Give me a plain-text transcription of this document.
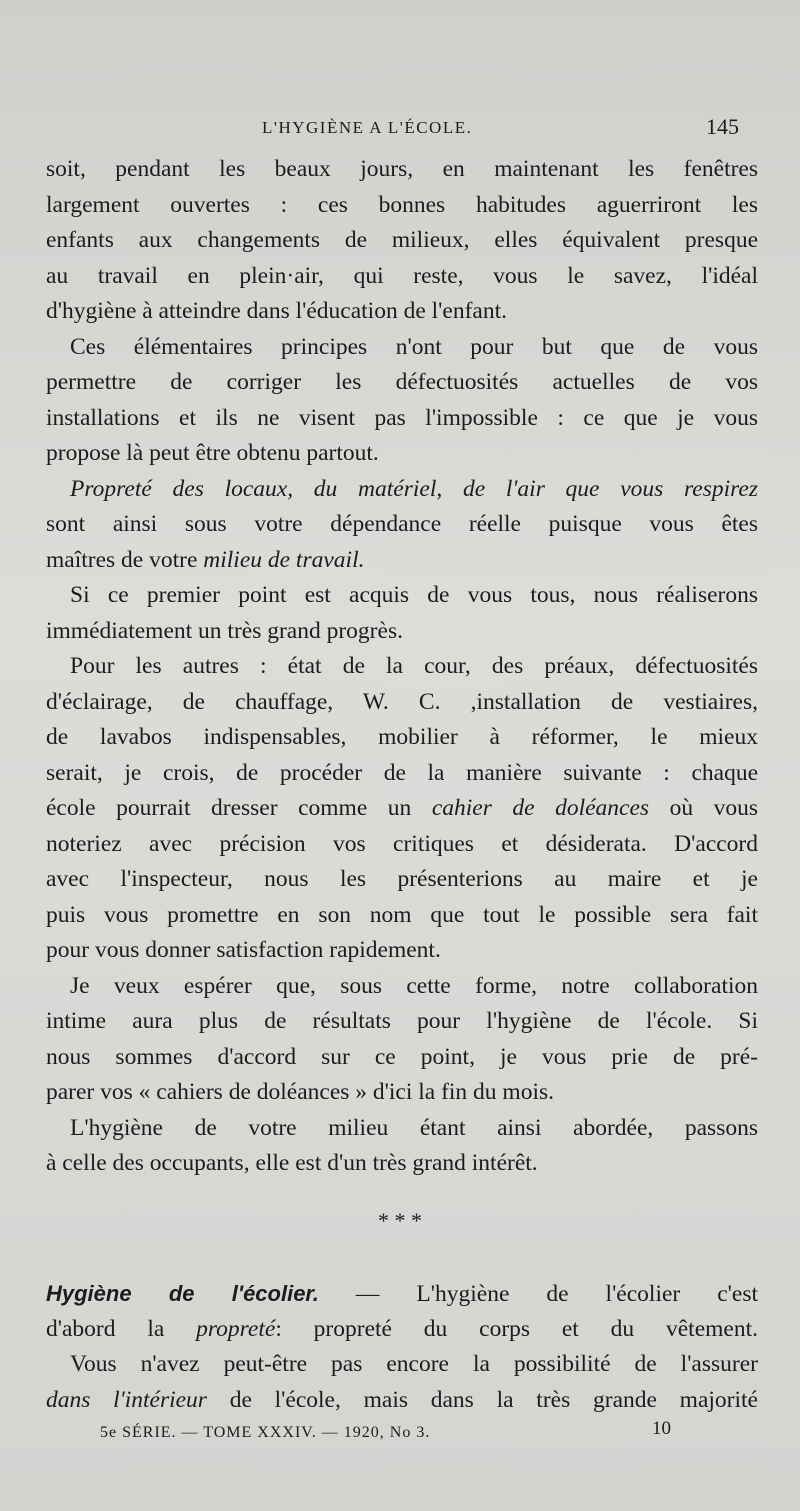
L'HYGIÈNE A L'ÉCOLE.	145
soit, pendant les beaux jours, en maintenant les fenêtres
largement ouvertes : ces bonnes habitudes aguerriront les
enfants aux changements de milieux, elles équivalent presque
au travail en plein·air, qui reste, vous le savez, l'idéal
d'hygiène à atteindre dans l'éducation de l'enfant.
Ces élémentaires principes n'ont pour but que de vous
permettre de corriger les défectuosités actuelles de vos
installations et ils ne visent pas l'impossible : ce que je vous
propose là peut être obtenu partout.
Propreté des locaux, du matériel, de l'air que vous respirez
sont ainsi sous votre dépendance réelle puisque vous êtes
maîtres de votre milieu de travail.
Si ce premier point est acquis de vous tous, nous réaliserons
immédiatement un très grand progrès.
Pour les autres : état de la cour, des préaux, défectuosités
d'éclairage, de chauffage, W. C. ,installation de vestiaires,
de lavabos indispensables, mobilier à réformer, le mieux
serait, je crois, de procéder de la manière suivante : chaque
école pourrait dresser comme un cahier de doléances où vous
noteriez avec précision vos critiques et désiderata. D'accord
avec l'inspecteur, nous les présenterions au maire et je
puis vous promettre en son nom que tout le possible sera fait
pour vous donner satisfaction rapidement.
Je veux espérer que, sous cette forme, notre collaboration
intime aura plus de résultats pour l'hygiène de l'école. Si
nous sommes d'accord sur ce point, je vous prie de pré-
parer vos « cahiers de doléances » d'ici la fin du mois.
L'hygiène de votre milieu étant ainsi abordée, passons
à celle des occupants, elle est d'un très grand intérêt.
* * *
Hygiène de l'écolier. — L'hygiène de l'écolier c'est
d'abord la propreté: propreté du corps et du vêtement.
Vous n'avez peut-être pas encore la possibilité de l'assurer
dans l'intérieur de l'école, mais dans la très grande majorité
5e SÉRIE. — TOME XXXIV. — 1920, No 3.	10
